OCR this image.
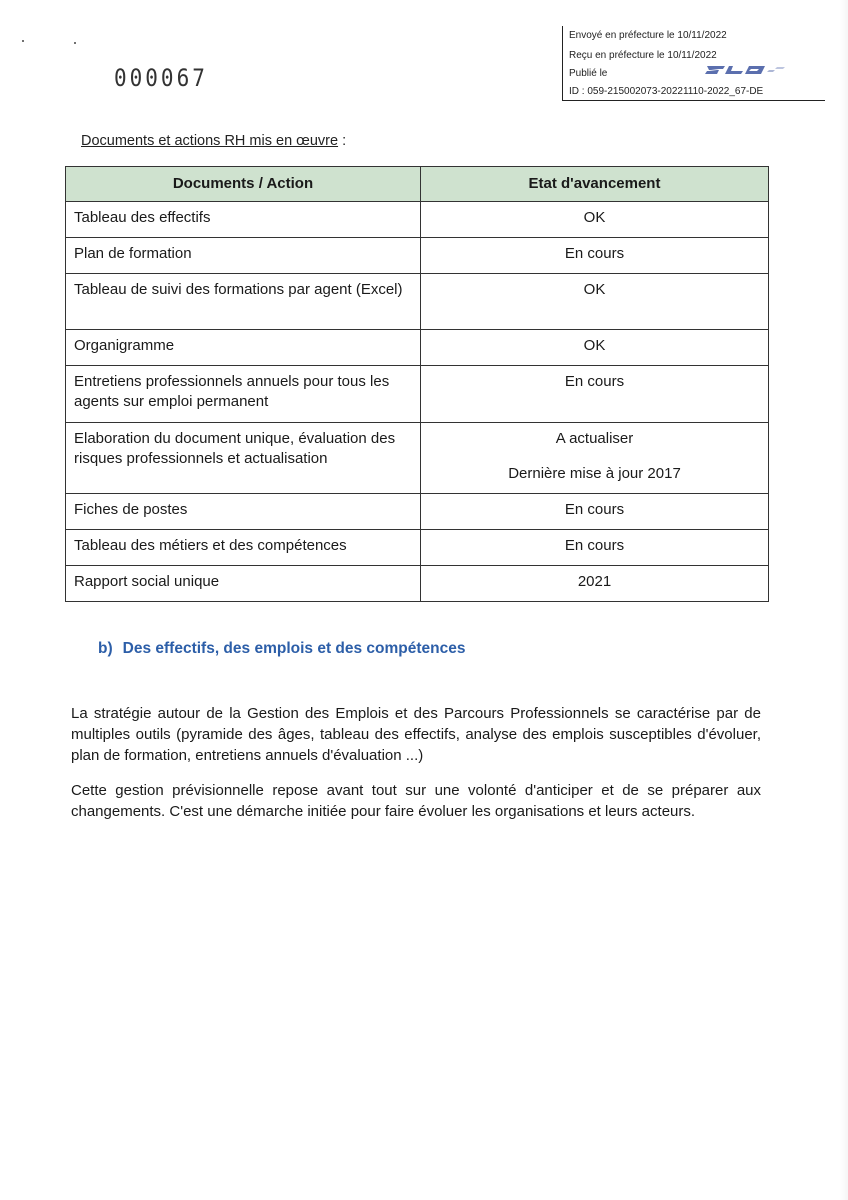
000067
Envoyé en préfecture le 10/11/2022
Reçu en préfecture le 10/11/2022
Publié le
ID : 059-215002073-20221110-2022_67-DE
Documents et actions RH mis en œuvre :
Documents / Action	Etat d'avancement
Tableau des effectifs	OK
Plan de formation	En cours
Tableau de suivi des formations par agent (Excel)	OK
Organigramme	OK
Entretiens professionnels annuels pour tous les agents sur emploi permanent	En cours
Elaboration du document unique, évaluation des risques professionnels et actualisation	A actualiser
Dernière mise à jour 2017

Fiches de postes	En cours
Tableau des métiers et des compétences	En cours
Rapport social unique	2021
b) Des effectifs, des emplois et des compétences

La stratégie autour de la Gestion des Emplois et des Parcours Professionnels se caractérise par de multiples outils (pyramide des âges, tableau des effectifs, analyse des emplois susceptibles d'évoluer, plan de formation, entretiens annuels d'évaluation ...)

Cette gestion prévisionnelle repose avant tout sur une volonté d'anticiper et de se préparer aux changements. C'est une démarche initiée pour faire évoluer les organisations et leurs acteurs.
